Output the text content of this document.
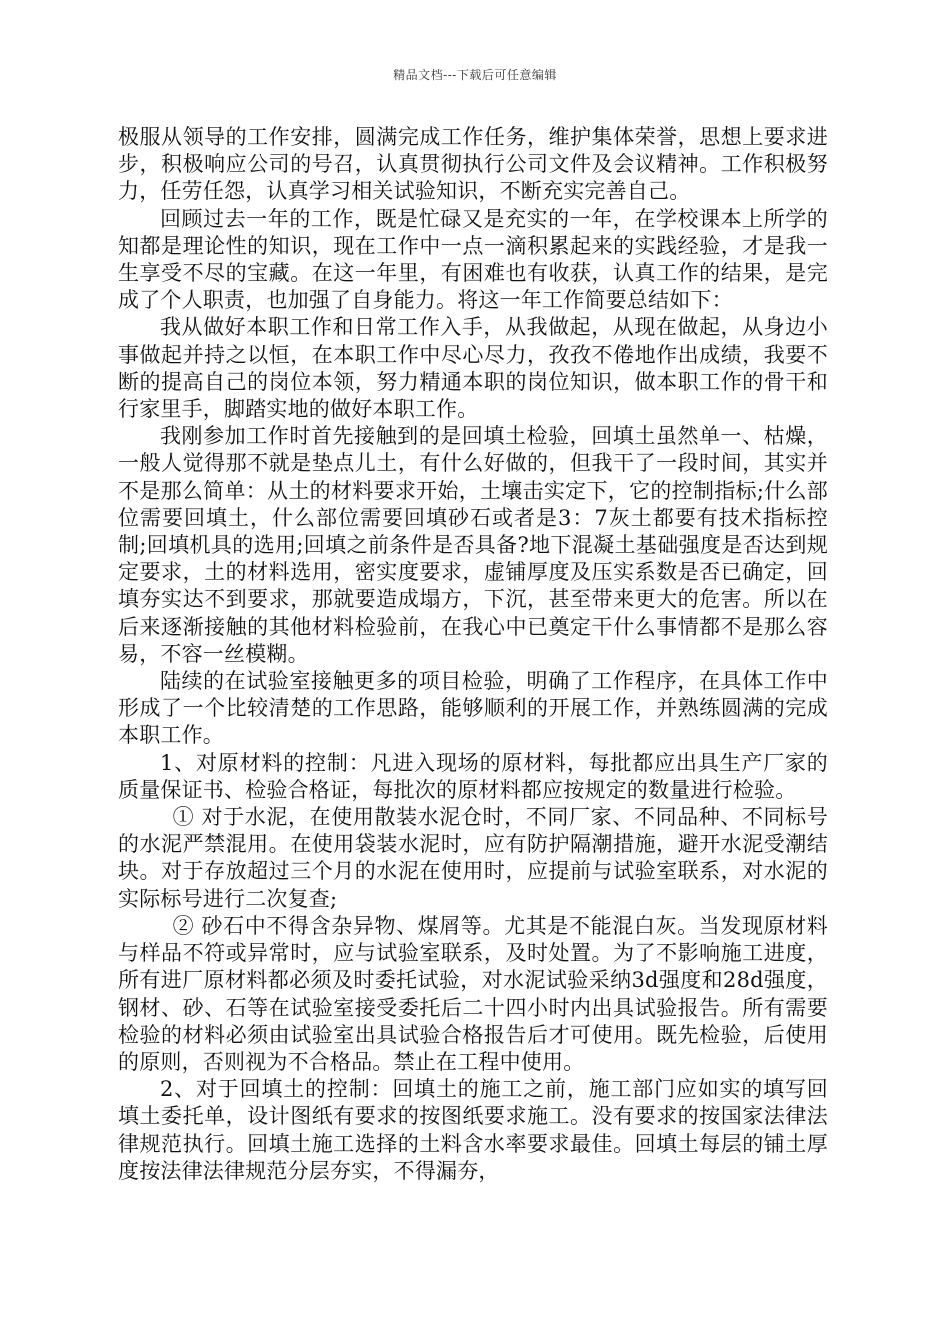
精品文档---下载后可任意编辑

极服从领导的工作安排，圆满完成工作任务，维护集体荣誉，思想上要求进步，积极响应公司的号召，认真贯彻执行公司文件及会议精神。工作积极努力，任劳任怨，认真学习相关试验知识，不断充实完善自己。

回顾过去一年的工作，既是忙碌又是充实的一年，在学校课本上所学的知都是理论性的知识，现在工作中一点一滴积累起来的实践经验，才是我一生享受不尽的宝藏。在这一年里，有困难也有收获，认真工作的结果，是完成了个人职责，也加强了自身能力。将这一年工作简要总结如下：

我从做好本职工作和日常工作入手，从我做起，从现在做起，从身边小事做起并持之以恒，在本职工作中尽心尽力，孜孜不倦地作出成绩，我要不断的提高自己的岗位本领，努力精通本职的岗位知识，做本职工作的骨干和行家里手，脚踏实地的做好本职工作。

我刚参加工作时首先接触到的是回填土检验，回填土虽然单一、枯燥，一般人觉得那不就是垫点儿土，有什么好做的，但我干了一段时间，其实并不是那么简单：从土的材料要求开始，土壤击实定下，它的控制指标;什么部位需要回填土，什么部位需要回填砂石或者是3：7灰土都要有技术指标控制;回填机具的选用;回填之前条件是否具备?地下混凝土基础强度是否达到规定要求，土的材料选用，密实度要求，虚铺厚度及压实系数是否已确定，回填夯实达不到要求，那就要造成塌方，下沉，甚至带来更大的危害。所以在后来逐渐接触的其他材料检验前，在我心中已奠定干什么事情都不是那么容易，不容一丝模糊。

陆续的在试验室接触更多的项目检验，明确了工作程序，在具体工作中形成了一个比较清楚的工作思路，能够顺利的开展工作，并熟练圆满的完成本职工作。

1、对原材料的控制：凡进入现场的原材料，每批都应出具生产厂家的质量保证书、检验合格证，每批次的原材料都应按规定的数量进行检验。

① 对于水泥，在使用散装水泥仓时，不同厂家、不同品种、不同标号的水泥严禁混用。在使用袋装水泥时，应有防护隔潮措施，避开水泥受潮结块。对于存放超过三个月的水泥在使用时，应提前与试验室联系，对水泥的实际标号进行二次复查;

② 砂石中不得含杂异物、煤屑等。尤其是不能混白灰。当发现原材料与样品不符或异常时，应与试验室联系，及时处置。为了不影响施工进度，所有进厂原材料都必须及时委托试验，对水泥试验采纳3d强度和28d强度，钢材、砂、石等在试验室接受委托后二十四小时内出具试验报告。所有需要检验的材料必须由试验室出具试验合格报告后才可使用。既先检验，后使用的原则，否则视为不合格品。禁止在工程中使用。

2、对于回填土的控制：回填土的施工之前，施工部门应如实的填写回填土委托单，设计图纸有要求的按图纸要求施工。没有要求的按国家法律法律规范执行。回填土施工选择的土料含水率要求最佳。回填土每层的铺土厚度按法律法律规范分层夯实，不得漏夯，
